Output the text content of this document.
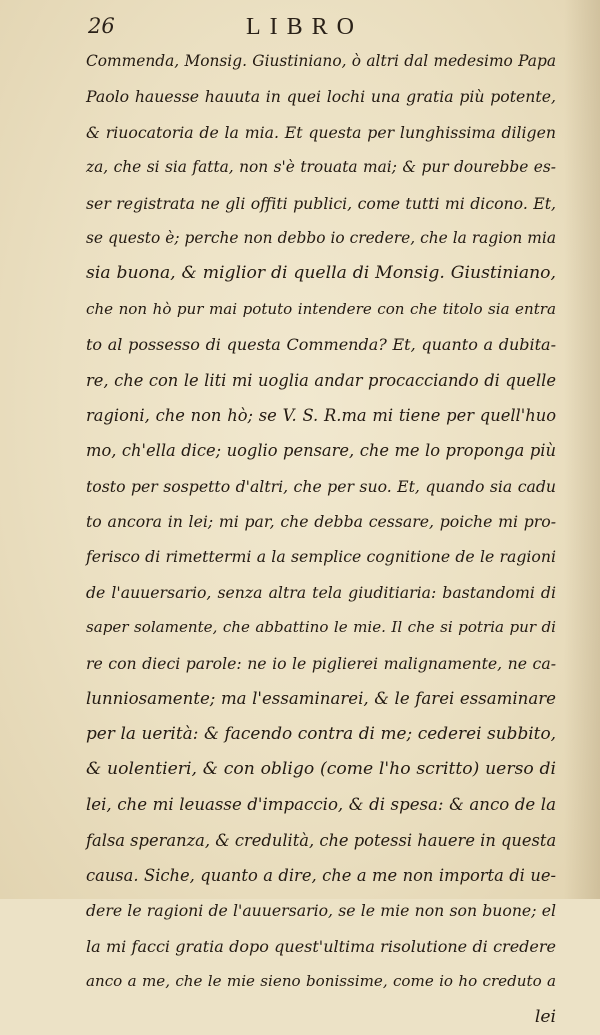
26	LIBRO
Commenda, Monsig. Giustiniano, ò altri dal medesimo Papa
Paolo hauesse hauuta in quei lochi una gratia più potente,
& riuocatoria de la mia. Et questa per lunghissima diligen
za, che si sia fatta, non s'è trouata mai; & pur dourebbe es-
ser registrata ne gli offiti publici, come tutti mi dicono. Et,
se questo è; perche non debbo io credere, che la ragion mia
sia buona, & miglior di quella di Monsig. Giustiniano,
che non hò pur mai potuto intendere con che titolo sia entra
to al possesso di questa Commenda? Et, quanto a dubita-
re, che con le liti mi uoglia andar procacciando di quelle
ragioni, che non hò; se V. S. R.ma mi tiene per quell'huo
mo, ch'ella dice; uoglio pensare, che me lo proponga più
tosto per sospetto d'altri, che per suo. Et, quando sia cadu
to ancora in lei; mi par, che debba cessare, poiche mi pro-
ferisco di rimettermi a la semplice cognitione de le ragioni
de l'auuersario, senza altra tela giuditiaria: bastandomi di
saper solamente, che abbattino le mie. Il che si potria pur di
re con dieci parole: ne io le piglierei malignamente, ne ca-
lunniosamente; ma l'essaminarei, & le farei essaminare
per la uerità: & facendo contra di me; cederei subbito,
& uolentieri, & con obligo (come l'ho scritto) uerso di
lei, che mi leuasse d'impaccio, & di spesa: & anco de la
falsa speranza, & credulità, che potessi hauere in questa
causa. Siche, quanto a dire, che a me non importa di ue-
dere le ragioni de l'auuersario, se le mie non son buone; el
la mi facci gratia dopo quest'ultima risolutione di credere
anco a me, che le mie sieno bonissime, come io ho creduto a
lei
